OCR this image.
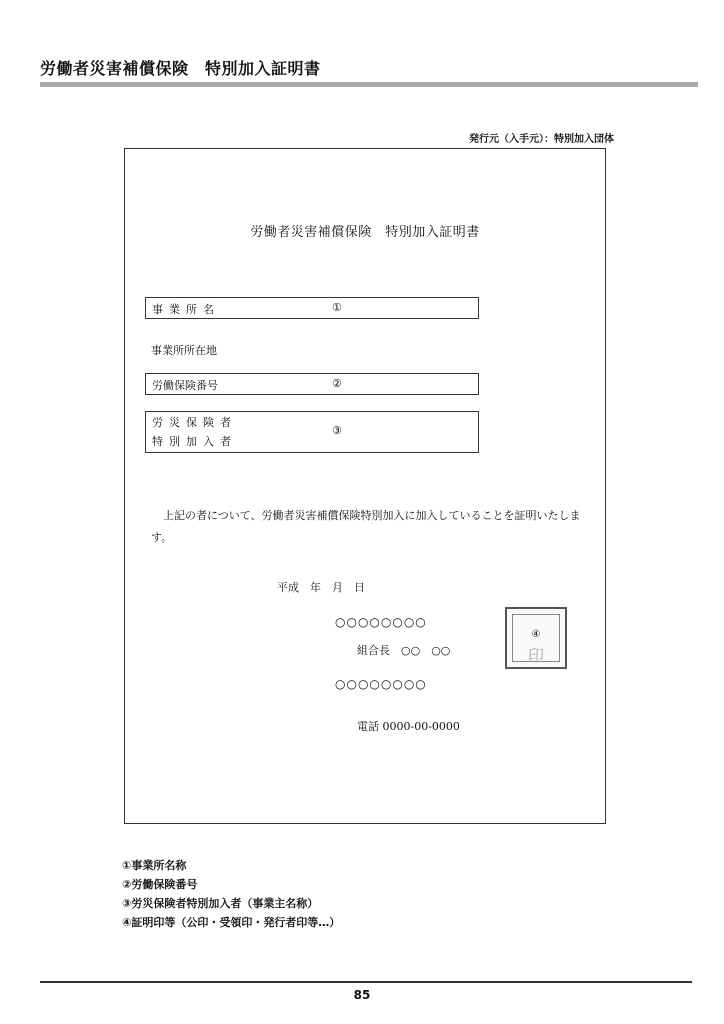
労働者災害補償保険　特別加入証明書
発行元（入手元）：特別加入団体
労働者災害補償保険　特別加入証明書
事業所名	①
事業所所在地
労働保険番号	②
労災保険者
特別加入者
③
上記の者について、労働者災害補償保険特別加入に加入していることを証明いたします。
平成　年　月　日
○○○○○○○○
組合長　○○　○○
○○○○○○○○
電話 0000-00-0000
④
印
①事業所名称
②労働保険番号
③労災保険者特別加入者（事業主名称）
④証明印等（公印・受領印・発行者印等…）
85
